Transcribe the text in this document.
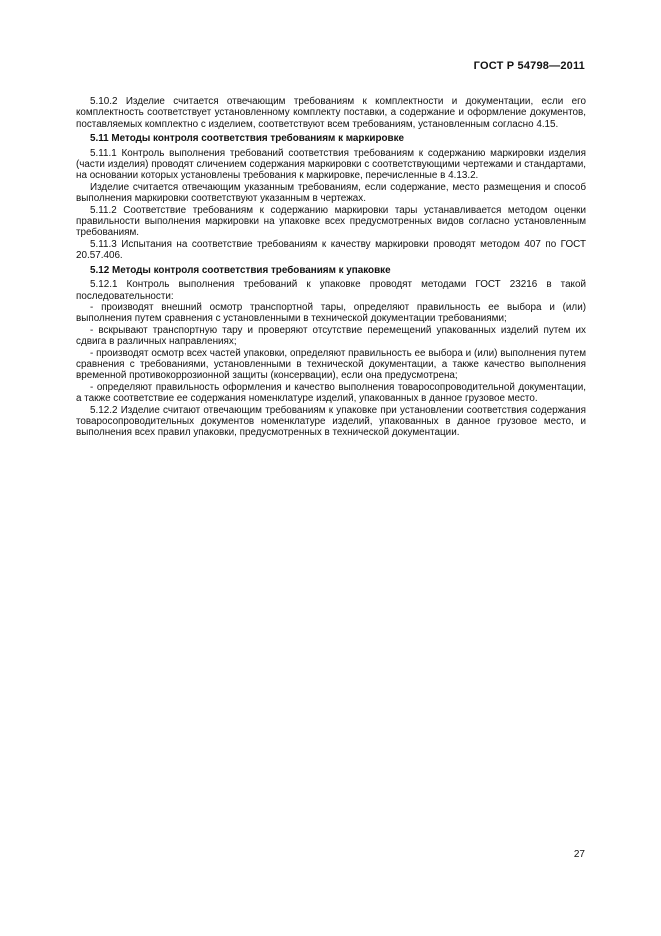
ГОСТ Р 54798—2011

5.10.2 Изделие считается отвечающим требованиям к комплектности и документации, если его комплектность соответствует установленному комплекту поставки, а содержание и оформление документов, поставляемых комплектно с изделием, соответствуют всем требованиям, установленным согласно 4.15.

5.11 Методы контроля соответствия требованиям к маркировке

5.11.1 Контроль выполнения требований соответствия требованиям к содержанию маркировки изделия (части изделия) проводят сличением содержания маркировки с соответствующими чертежами и стандартами, на основании которых установлены требования к маркировке, перечисленные в 4.13.2.

Изделие считается отвечающим указанным требованиям, если содержание, место размещения и способ выполнения маркировки соответствуют указанным в чертежах.

5.11.2 Соответствие требованиям к содержанию маркировки тары устанавливается методом оценки правильности выполнения маркировки на упаковке всех предусмотренных видов согласно установленным требованиям.

5.11.3 Испытания на соответствие требованиям к качеству маркировки проводят методом 407 по ГОСТ 20.57.406.

5.12 Методы контроля соответствия требованиям к упаковке

5.12.1 Контроль выполнения требований к упаковке проводят методами ГОСТ 23216 в такой последовательности:

- производят внешний осмотр транспортной тары, определяют правильность ее выбора и (или) выполнения путем сравнения с установленными в технической документации требованиями;

- вскрывают транспортную тару и проверяют отсутствие перемещений упакованных изделий путем их сдвига в различных направлениях;

- производят осмотр всех частей упаковки, определяют правильность ее выбора и (или) выполнения путем сравнения с требованиями, установленными в технической документации, а также качество выполнения временной противокоррозионной защиты (консервации), если она предусмотрена;

- определяют правильность оформления и качество выполнения товаросопроводительной документации, а также соответствие ее содержания номенклатуре изделий, упакованных в данное грузовое место.

5.12.2 Изделие считают отвечающим требованиям к упаковке при установлении соответствия содержания товаросопроводительных документов номенклатуре изделий, упакованных в данное грузовое место, и выполнения всех правил упаковки, предусмотренных в технической документации.

27
